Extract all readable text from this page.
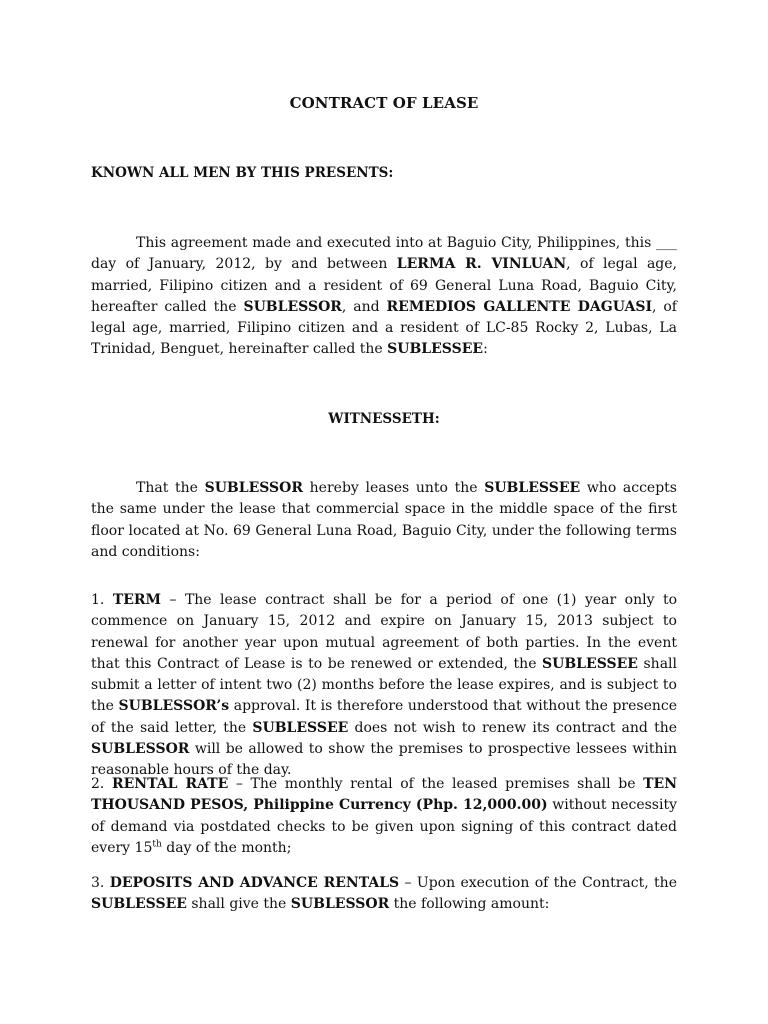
CONTRACT OF LEASE
KNOWN ALL MEN BY THIS PRESENTS:

This agreement made and executed into at Baguio City, Philippines, this ___ day of January, 2012, by and between LERMA R. VINLUAN, of legal age, married, Filipino citizen and a resident of 69 General Luna Road, Baguio City, hereafter called the SUBLESSOR, and REMEDIOS GALLENTE DAGUASI, of legal age, married, Filipino citizen and a resident of LC-85 Rocky 2, Lubas, La Trinidad, Benguet, hereinafter called the SUBLESSEE:

WITNESSETH:

That the SUBLESSOR hereby leases unto the SUBLESSEE who accepts the same under the lease that commercial space in the middle space of the first floor located at No. 69 General Luna Road, Baguio City, under the following terms and conditions:

1. TERM – The lease contract shall be for a period of one (1) year only to commence on January 15, 2012 and expire on January 15, 2013 subject to renewal for another year upon mutual agreement of both parties. In the event that this Contract of Lease is to be renewed or extended, the SUBLESSEE shall submit a letter of intent two (2) months before the lease expires, and is subject to the SUBLESSOR’s approval. It is therefore understood that without the presence of the said letter, the SUBLESSEE does not wish to renew its contract and the SUBLESSOR will be allowed to show the premises to prospective lessees within reasonable hours of the day.

2. RENTAL RATE – The monthly rental of the leased premises shall be TEN THOUSAND PESOS, Philippine Currency (Php. 12,000.00) without necessity of demand via postdated checks to be given upon signing of this contract dated every 15th day of the month;

3. DEPOSITS AND ADVANCE RENTALS – Upon execution of the Contract, the SUBLESSEE shall give the SUBLESSOR the following amount:
